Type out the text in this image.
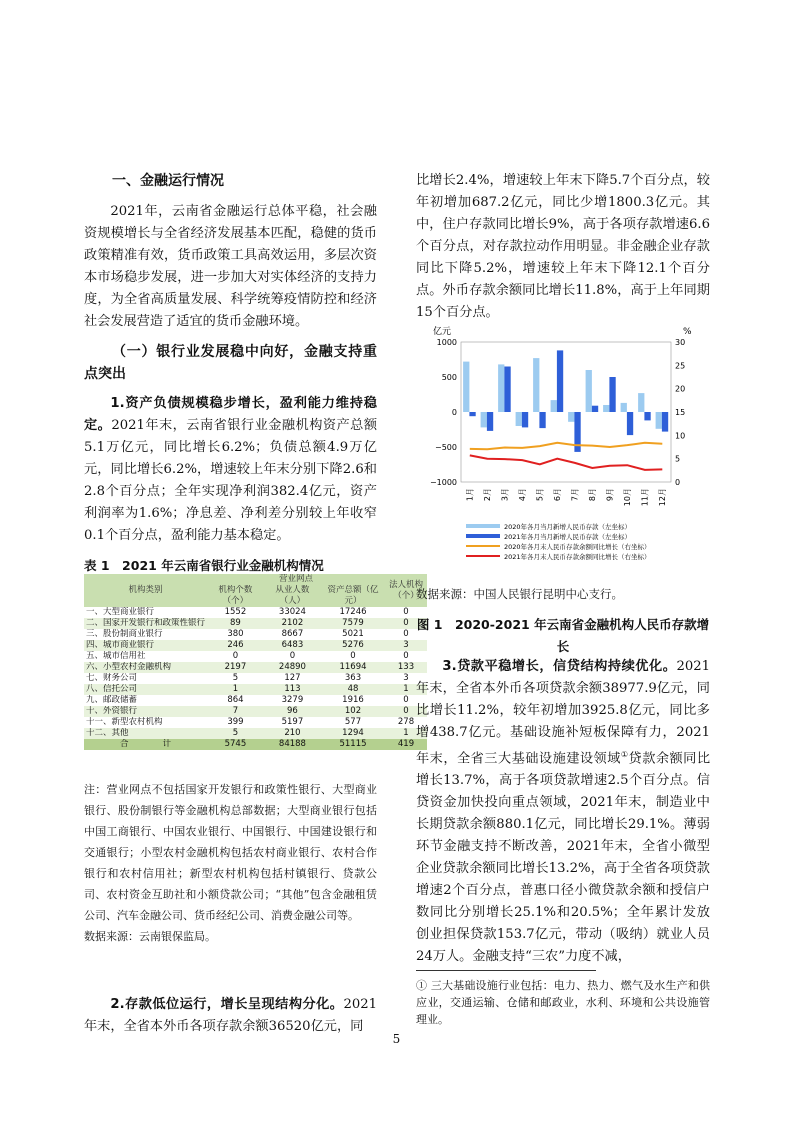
一、金融运行情况

2021年，云南省金融运行总体平稳，社会融资规模增长与全省经济发展基本匹配，稳健的货币政策精准有效，货币政策工具高效运用，多层次资本市场稳步发展，进一步加大对实体经济的支持力度，为全省高质量发展、科学统筹疫情防控和经济社会发展营造了适宜的货币金融环境。

（一）银行业发展稳中向好，金融支持重点突出

1.资产负债规模稳步增长，盈利能力维持稳定。2021年末，云南省银行业金融机构资产总额5.1万亿元，同比增长6.2%；负债总额4.9万亿元，同比增长6.2%，增速较上年末分别下降2.6和2.8个百分点；全年实现净利润382.4亿元，资产利润率为1.6%；净息差、净利差分别较上年收窄0.1个百分点，盈利能力基本稳定。

表 1　2021 年云南省银行业金融机构情况
机构类别	营业网点			法人机构（个）
	机构个数（个）	从业人数（人）	资产总额（亿元）	
一、大型商业银行	1552	33024	17246	0
二、国家开发银行和政策性银行	89	2102	7579	0
三、股份制商业银行	380	8667	5021	0
四、城市商业银行	246	6483	5276	3
五、城市信用社	0	0	0	0
六、小型农村金融机构	2197	24890	11694	133
七、财务公司	5	127	363	3
八、信托公司	1	113	48	1
九、邮政储蓄	864	3279	1916	0
十、外资银行	7	96	102	0
十一、新型农村机构	399	5197	577	278
十二、其他	5	210	1294	1
合　　　　计	5745	84188	51115	419
注：营业网点不包括国家开发银行和政策性银行、大型商业银行、股份制银行等金融机构总部数据；大型商业银行包括中国工商银行、中国农业银行、中国银行、中国建设银行和交通银行；小型农村金融机构包括农村商业银行、农村合作银行和农村信用社；新型农村机构包括村镇银行、贷款公司、农村资金互助社和小额贷款公司；“其他”包含金融租赁公司、汽车金融公司、货币经纪公司、消费金融公司等。
数据来源：云南银保监局。

2.存款低位运行，增长呈现结构分化。2021年末，全省本外币各项存款余额36520亿元，同

比增长2.4%，增速较上年末下降5.7个百分点，较年初增加687.2亿元，同比少增1800.3亿元。其中，住户存款同比增长9%，高于各项存款增速6.6个百分点，对存款拉动作用明显。非金融企业存款同比下降5.2%，增速较上年末下降12.1个百分点。外币存款余额同比增长11.8%，高于上年同期15个百分点。

亿元	%
1000
500
0
−500
−1000
30
25
20
15
10
5
0
1月 2月 3月 4月 5月 6月 7月 8月 9月 10月 11月 12月
2020年各月当月新增人民币存款（左坐标）
2021年各月当月新增人民币存款（左坐标）
2020年各月末人民币存款余额同比增长（右坐标）
2021年各月末人民币存款余额同比增长（右坐标）
数据来源：中国人民银行昆明中心支行。
图 1　2020-2021 年云南省金融机构人民币存款增长

3.贷款平稳增长，信贷结构持续优化。2021年末，全省本外币各项贷款余额38977.9亿元，同比增长11.2%，较年初增加3925.8亿元，同比多增438.7亿元。基础设施补短板保障有力，2021年末，全省三大基础设施建设领域①贷款余额同比增长13.7%，高于各项贷款增速2.5个百分点。信贷资金加快投向重点领域，2021年末，制造业中长期贷款余额880.1亿元，同比增长29.1%。薄弱环节金融支持不断改善，2021年末，全省小微型企业贷款余额同比增长13.2%，高于全省各项贷款增速2个百分点，普惠口径小微贷款余额和授信户数同比分别增长25.1%和20.5%；全年累计发放创业担保贷款153.7亿元，带动（吸纳）就业人员24万人。金融支持“三农”力度不减，

① 三大基础设施行业包括：电力、热力、燃气及水生产和供应业，交通运输、仓储和邮政业，水利、环境和公共设施管理业。
5
